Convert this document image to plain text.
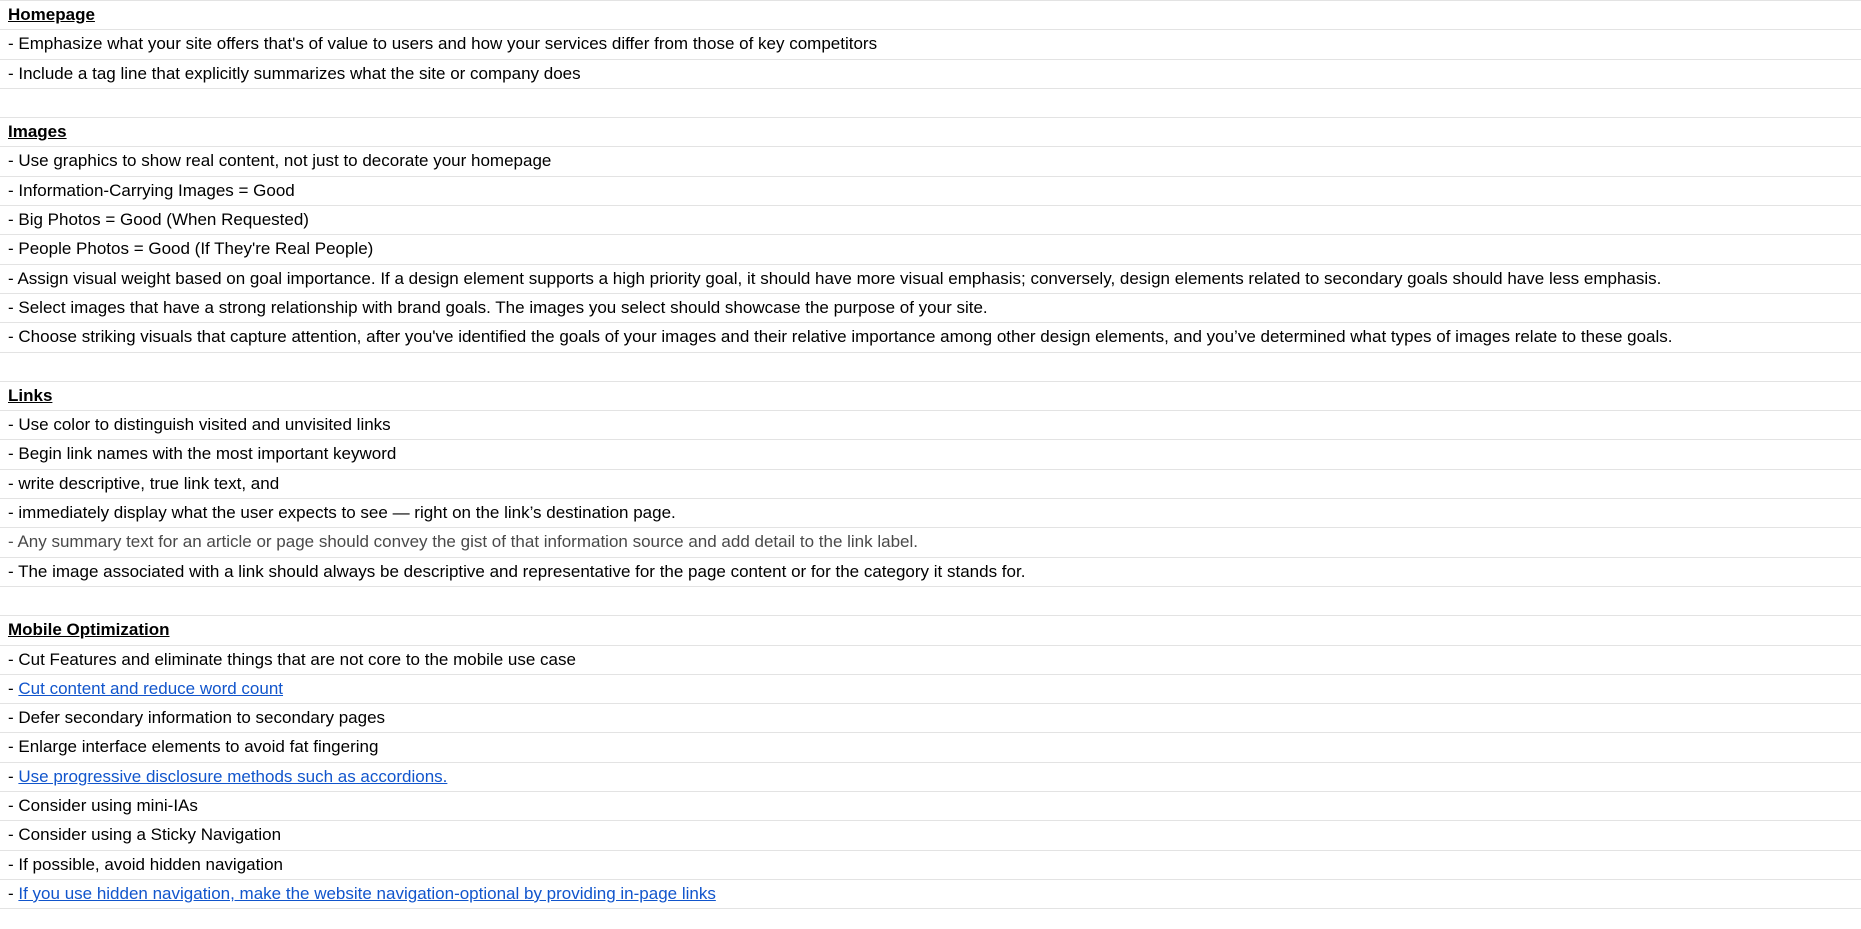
Homepage
- Emphasize what your site offers that's of value to users and how your services differ from those of key competitors
- Include a tag line that explicitly summarizes what the site or company does
Images
- Use graphics to show real content, not just to decorate your homepage
- Information-Carrying Images = Good
- Big Photos = Good (When Requested)
- People Photos = Good (If They're Real People)
- Assign visual weight based on goal importance. If a design element supports a high priority goal, it should have more visual emphasis; conversely, design elements related to secondary goals should have less emphasis.
- Select images that have a strong relationship with brand goals. The images you select should showcase the purpose of your site.
- Choose striking visuals that capture attention, after you've identified the goals of your images and their relative importance among other design elements, and you’ve determined what types of images relate to these goals.
Links
- Use color to distinguish visited and unvisited links
- Begin link names with the most important keyword
- write descriptive, true link text, and
- immediately display what the user expects to see — right on the link’s destination page.
- Any summary text for an article or page should convey the gist of that information source and add detail to the link label.
- The image associated with a link should always be descriptive and representative for the page content or for the category it stands for.
Mobile Optimization
- Cut Features and eliminate things that are not core to the mobile use case
- Cut content and reduce word count
- Defer secondary information to secondary pages
- Enlarge interface elements to avoid fat fingering
- Use progressive disclosure methods such as accordions.
- Consider using mini-IAs
- Consider using a Sticky Navigation
- If possible, avoid hidden navigation
- If you use hidden navigation, make the website navigation-optional by providing in-page links
